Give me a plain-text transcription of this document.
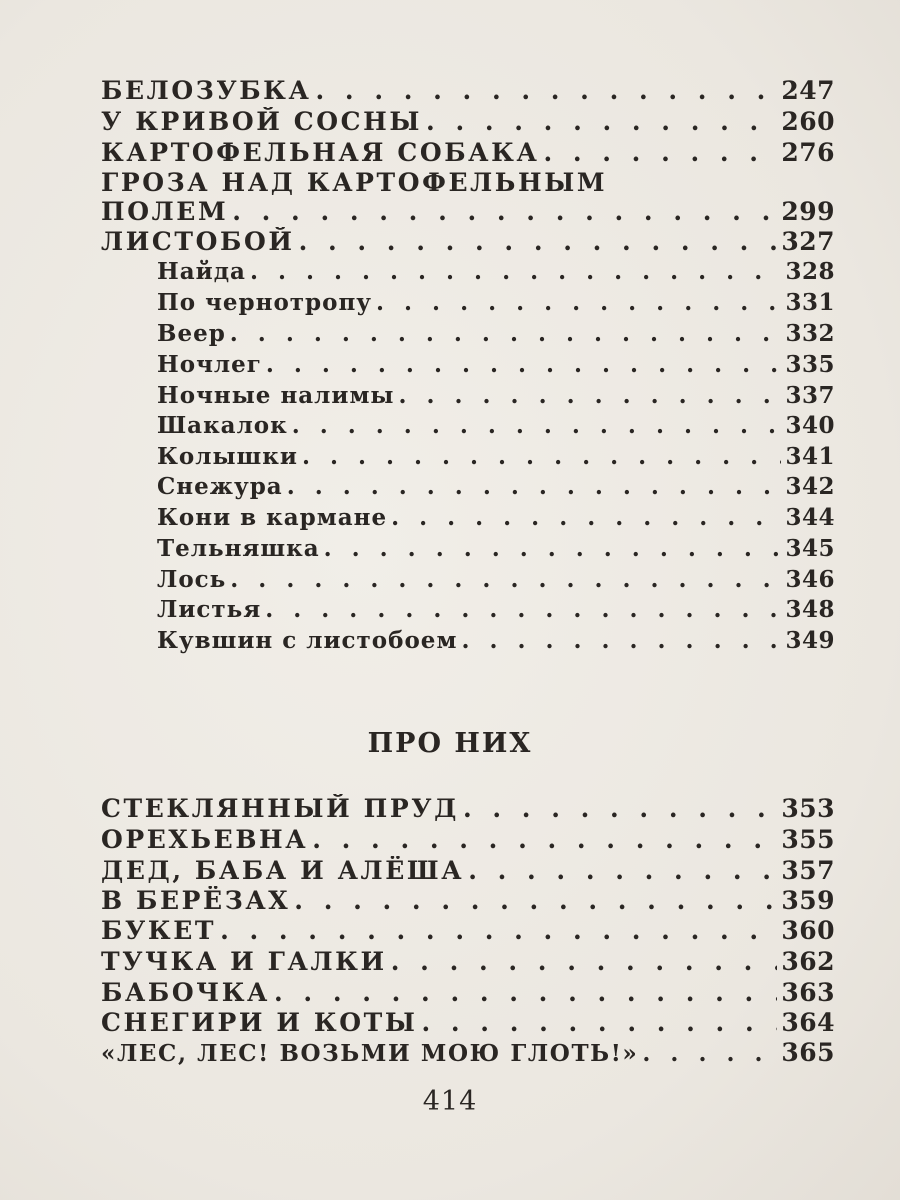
БЕЛОЗУБКА . . .	247
У КРИВОЙ СОСНЫ . . .	260
КАРТОФЕЛЬНАЯ СОБАКА . . .	276
ГРОЗА НАД КАРТОФЕЛЬНЫМ
ПОЛЕМ . . .	299
ЛИСТОБОЙ . . .	327
Найда . . .	328
По чернотропу . . .	331
Веер . . .	332
Ночлег . . .	335
Ночные налимы . . .	337
Шакалок . . .	340
Колышки . . .	341
Снежура . . .	342
Кони в кармане . . .	344
Тельняшка . . .	345
Лось . . .	346
Листья . . .	348
Кувшин с листобоем . . .	349
СТЕКЛЯННЫЙ ПРУД . . .	353
ОРЕХЬЕВНА . . .	355
ДЕД, БАБА И АЛЁША . . .	357
В БЕРЁЗАХ . . .	359
БУКЕТ . . .	360
ТУЧКА И ГАЛКИ . . .	362
БАБОЧКА . . .	363
СНЕГИРИ И КОТЫ . . .	364
«ЛЕС, ЛЕС! ВОЗЬМИ МОЮ ГЛОТЬ!» . . .	365
ПРО НИХ
414
